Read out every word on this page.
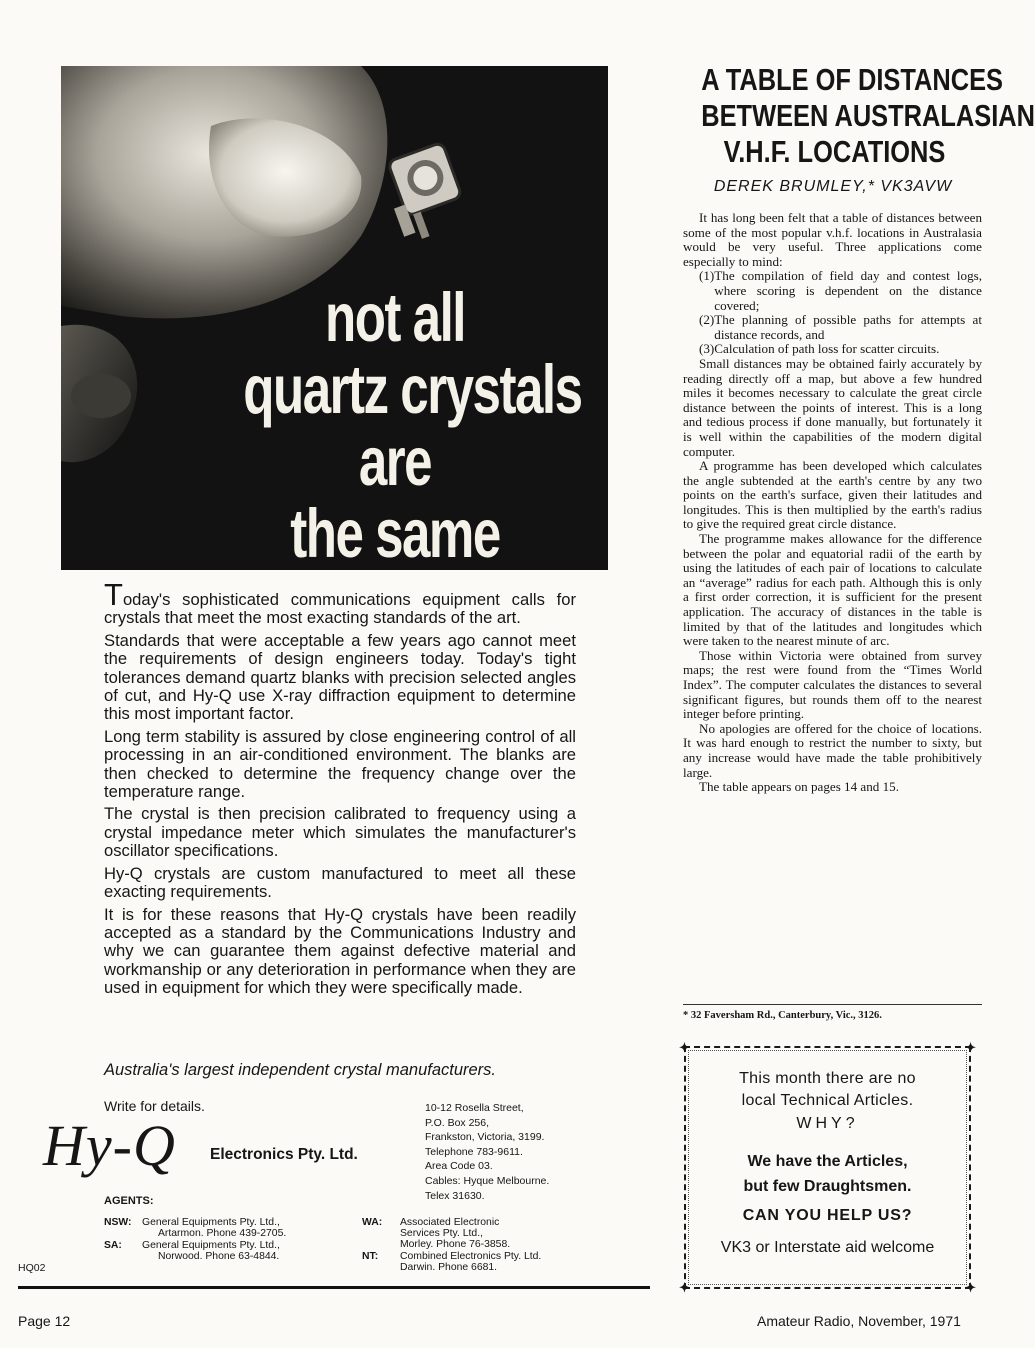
not all
quartz crystals
are
the same

Today's sophisticated communications equipment calls for crystals that meet the most exacting standards of the art.

Standards that were acceptable a few years ago cannot meet the requirements of design engineers today. Today's tight tolerances demand quartz blanks with precision selected angles of cut, and Hy-Q use X-ray diffraction equipment to determine this most important factor.

Long term stability is assured by close engineering control of all processing in an air-conditioned environment. The blanks are then checked to determine the frequency change over the temperature range.

The crystal is then precision calibrated to frequency using a crystal impedance meter which simulates the manufacturer's oscillator specifications.

Hy-Q crystals are custom manufactured to meet all these exacting requirements.

It is for these reasons that Hy-Q crystals have been readily accepted as a standard by the Communications Industry and why we can guarantee them against defective material and workmanship or any deterioration in performance when they are used in equipment for which they were specifically made.

Australia's largest independent crystal manufacturers.
Write for details.
Hy-Q Electronics Pty. Ltd.
10-12 Rosella Street,
P.O. Box 256,
Frankston, Victoria, 3199.
Telephone 783-9611.
Area Code 03.
Cables: Hyque Melbourne.
Telex 31630.
AGENTS:
NSW: General Equipments Pty. Ltd.,
Artarmon. Phone 439-2705.
SA: General Equipments Pty. Ltd.,
Norwood. Phone 63-4844.
WA: Associated Electronic
Services Pty. Ltd.,
Morley. Phone 76-3858.
NT: Combined Electronics Pty. Ltd.
Darwin. Phone 6681.
HQ02
A TABLE OF DISTANCES
BETWEEN AUSTRALASIAN
V.H.F. LOCATIONS
DEREK BRUMLEY,* VK3AVW

It has long been felt that a table of distances between some of the most popular v.h.f. locations in Australasia would be very useful. Three applications come especially to mind:

(1) The compilation of field day and contest logs, where scoring is dependent on the distance covered;
(2) The planning of possible paths for attempts at distance records, and
(3) Calculation of path loss for scatter circuits.

Small distances may be obtained fairly accurately by reading directly off a map, but above a few hundred miles it becomes necessary to calculate the great circle distance between the points of interest. This is a long and tedious process if done manually, but fortunately it is well within the capabilities of the modern digital computer.

A programme has been developed which calculates the angle subtended at the earth's centre by any two points on the earth's surface, given their latitudes and longitudes. This is then multiplied by the earth's radius to give the required great circle distance.

The programme makes allowance for the difference between the polar and equatorial radii of the earth by using the latitudes of each pair of locations to calculate an “average” radius for each path. Although this is only a first order correction, it is sufficient for the present application. The accuracy of distances in the table is limited by that of the latitudes and longitudes which were taken to the nearest minute of arc.

Those within Victoria were obtained from survey maps; the rest were found from the “Times World Index”. The computer calculates the distances to several significant figures, but rounds them off to the nearest integer before printing.

No apologies are offered for the choice of locations. It was hard enough to restrict the number to sixty, but any increase would have made the table prohibitively large.

The table appears on pages 14 and 15.

* 32 Faversham Rd., Canterbury, Vic., 3126.
✦	✦
✦	✦
This month there are no
local Technical Articles.
WHY?
We have the Articles,
but few Draughtsmen.
CAN YOU HELP US?
VK3 or Interstate aid welcome
Page 12	Amateur Radio, November, 1971
